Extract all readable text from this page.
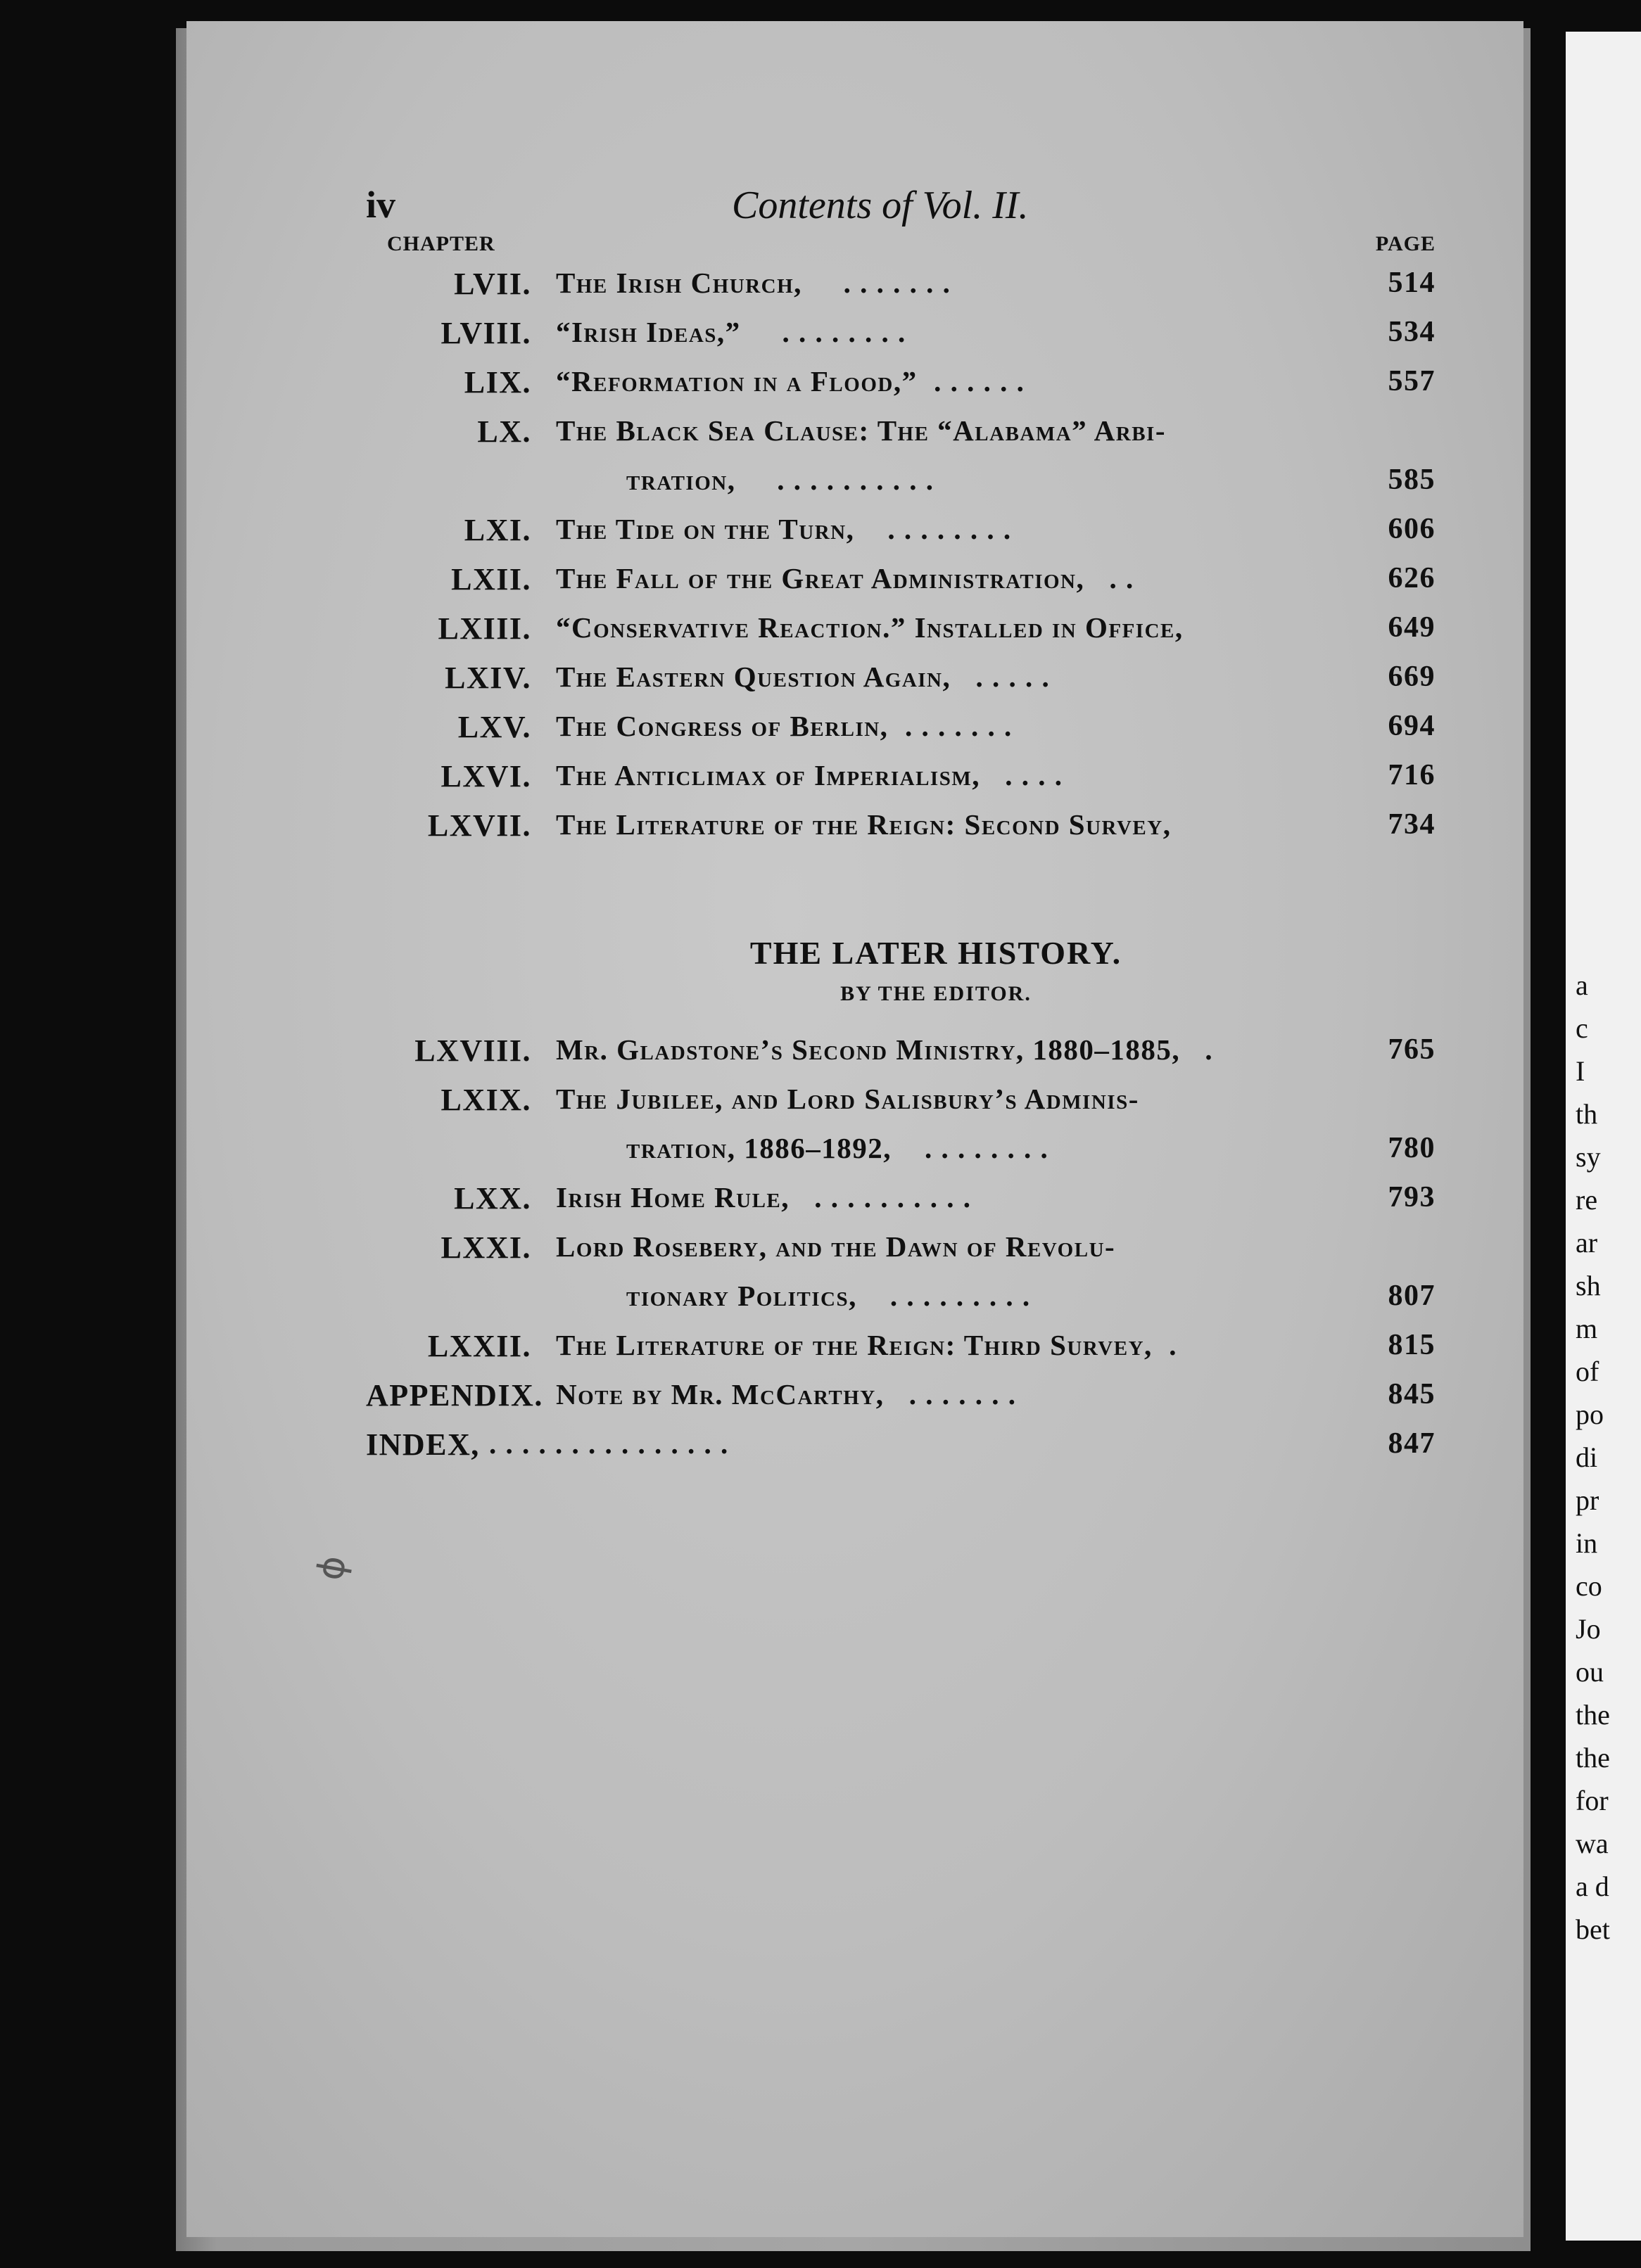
ɸ
iv	Contents of Vol. II.
CHAPTER	PAGE
LVII. The Irish Church, . . . . . . .	514
LVIII. “Irish Ideas,” . . . . . . . .	534
LIX. “Reformation in a Flood,” . . . . . .	557
LX. The Black Sea Clause: The “Alabama” Arbi-
tration, . . . . . . . . . .	585
LXI. The Tide on the Turn, . . . . . . . .	606
LXII. The Fall of the Great Administration, . .	626
LXIII. “Conservative Reaction.” Installed in Office,	649
LXIV. The Eastern Question Again, . . . . .	669
LXV. The Congress of Berlin, . . . . . . .	694
LXVI. The Anticlimax of Imperialism, . . . .	716
LXVII. The Literature of the Reign: Second Survey,	734
THE LATER HISTORY.
BY THE EDITOR.
LXVIII. Mr. Gladstone’s Second Ministry, 1880–1885, .	765
LXIX. The Jubilee, and Lord Salisbury’s Adminis-
tration, 1886–1892, . . . . . . . .	780
LXX. Irish Home Rule, . . . . . . . . . .	793
LXXI. Lord Rosebery, and the Dawn of Revolu-
tionary Politics, . . . . . . . . .	807
LXXII. The Literature of the Reign: Third Survey, .	815
APPENDIX. Note by Mr. McCarthy, . . . . . . .	845
INDEX, . . . . . . . . . . . . . . .	847
a
c
I
th
sy
re
ar
sh
m
of
po
di
pr
in
co
Jo
ou
the
the
for
wa
a d
bet
